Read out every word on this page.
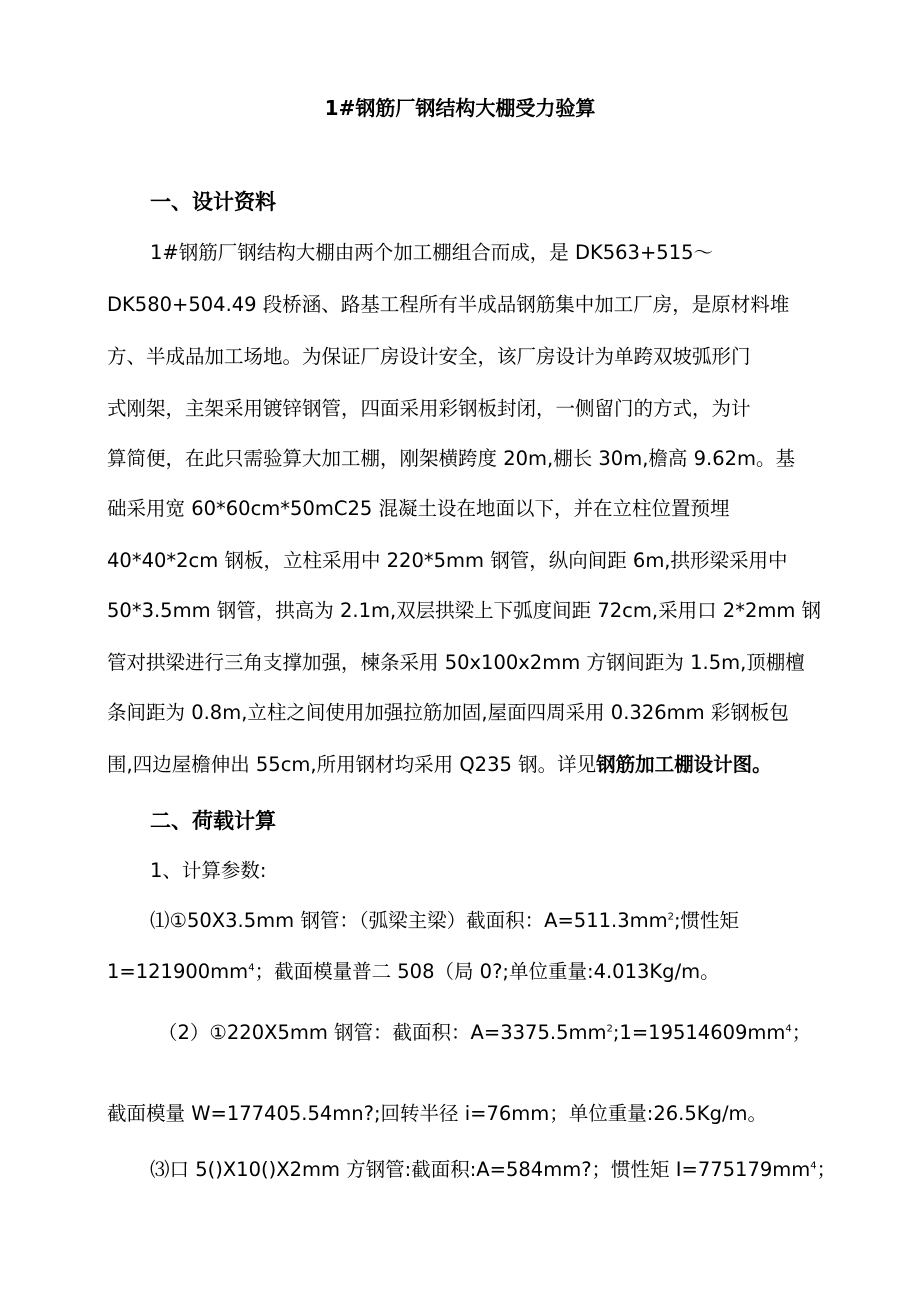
1#钢筋厂钢结构大棚受力验算
一、设计资料
1#钢筋厂钢结构大棚由两个加工棚组合而成，是 DK563+515～
DK580+504.49 段桥涵、路基工程所有半成品钢筋集中加工厂房，是原材料堆
方、半成品加工场地。为保证厂房设计安全，该厂房设计为单跨双坡弧形门
式刚架，主架采用镀锌钢管，四面采用彩钢板封闭，一侧留门的方式，为计
算简便，在此只需验算大加工棚，刚架横跨度 20m,棚长 30m,檐高 9.62m。基
础采用宽 60*60cm*50mC25 混凝土设在地面以下，并在立柱位置预埋
40*40*2cm 钢板，立柱采用中 220*5mm 钢管，纵向间距 6m,拱形梁采用中
50*3.5mm 钢管，拱高为 2.1m,双层拱梁上下弧度间距 72cm,采用口 2*2mm 钢
管对拱梁进行三角支撑加强，楝条采用 50x100x2mm 方钢间距为 1.5m,顶棚檀
条间距为 0.8m,立柱之间使用加强拉筋加固,屋面四周采用 0.326mm 彩钢板包
围,四边屋檐伸出 55cm,所用钢材均采用 Q235 钢。详见钢筋加工棚设计图。
二、荷载计算
1、计算参数:
⑴①50X3.5mm 钢管：（弧梁主梁）截面积：$A=511.3mm^2$;惯性矩
$1=121900mm^4$；截面模量普二 508（局 0?;单位重量:4.013Kg/m。
（2）①220X5mm 钢管：截面积：$A=3375.5mm^2;1=19514609mm^4$；
截面模量 W=177405.54mn?;回转半径 i=76mm；单位重量:26.5Kg/m。
⑶口 5()X10()X2mm 方钢管:截面积:A=584mm?；惯性矩 $I=775179mm^4$；
